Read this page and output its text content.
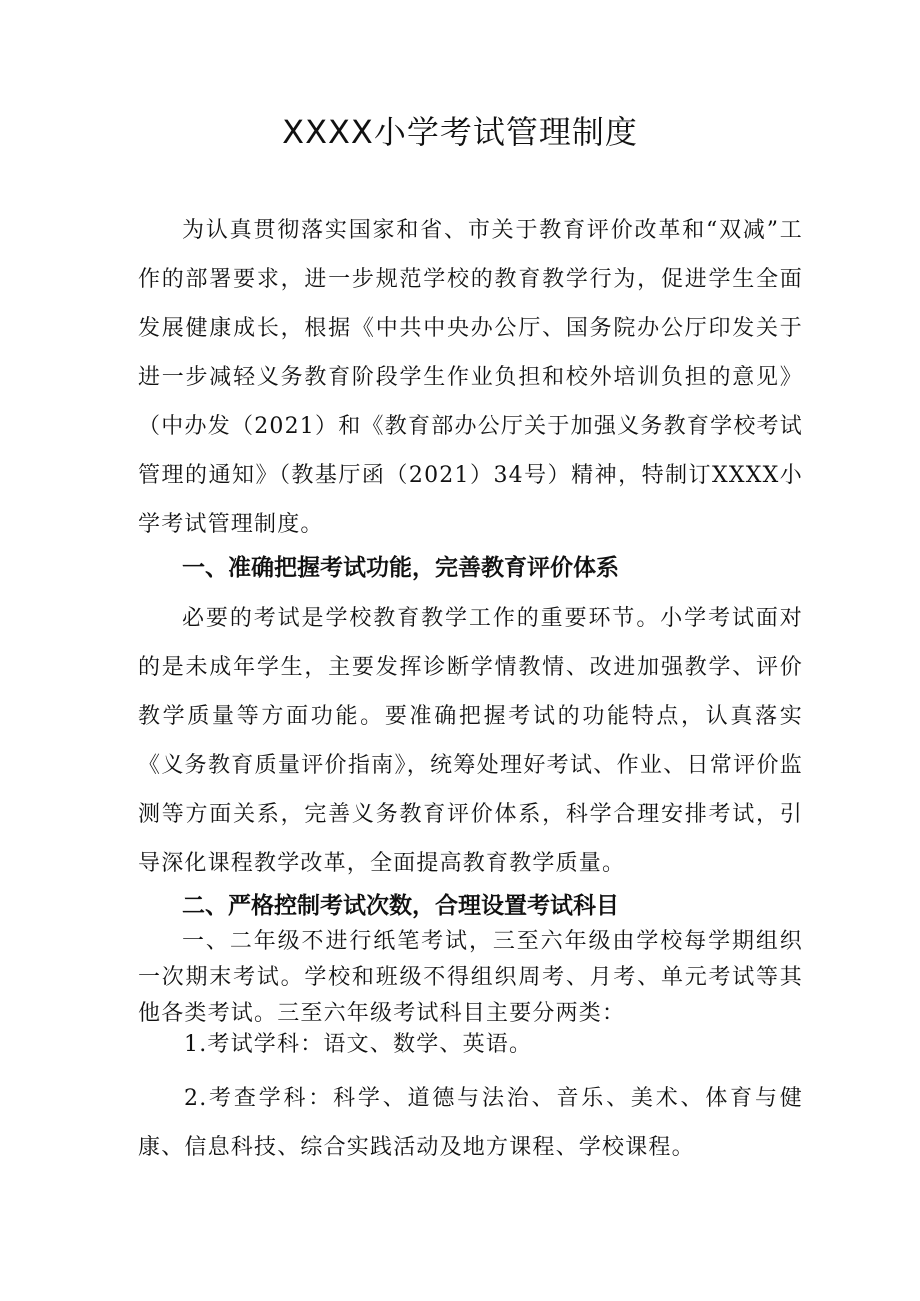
XXXX小学考试管理制度
为认真贯彻落实国家和省、市关于教育评价改革和“双减”工作的部署要求，进一步规范学校的教育教学行为，促进学生全面发展健康成长，根据《中共中央办公厅、国务院办公厅印发关于进一步减轻义务教育阶段学生作业负担和校外培训负担的意见》（中办发（2021）和《教育部办公厅关于加强义务教育学校考试管理的通知》（教基厅函（2021）34号）精神，特制订XXXX小学考试管理制度。
一、准确把握考试功能，完善教育评价体系
必要的考试是学校教育教学工作的重要环节。小学考试面对的是未成年学生，主要发挥诊断学情教情、改进加强教学、评价教学质量等方面功能。要准确把握考试的功能特点，认真落实《义务教育质量评价指南》，统筹处理好考试、作业、日常评价监测等方面关系，完善义务教育评价体系，科学合理安排考试，引导深化课程教学改革，全面提高教育教学质量。
二、严格控制考试次数，合理设置考试科目
一、二年级不进行纸笔考试，三至六年级由学校每学期组织一次期末考试。学校和班级不得组织周考、月考、单元考试等其他各类考试。三至六年级考试科目主要分两类：
1.考试学科：语文、数学、英语。
2.考查学科：科学、道德与法治、音乐、美术、体育与健康、信息科技、综合实践活动及地方课程、学校课程。
